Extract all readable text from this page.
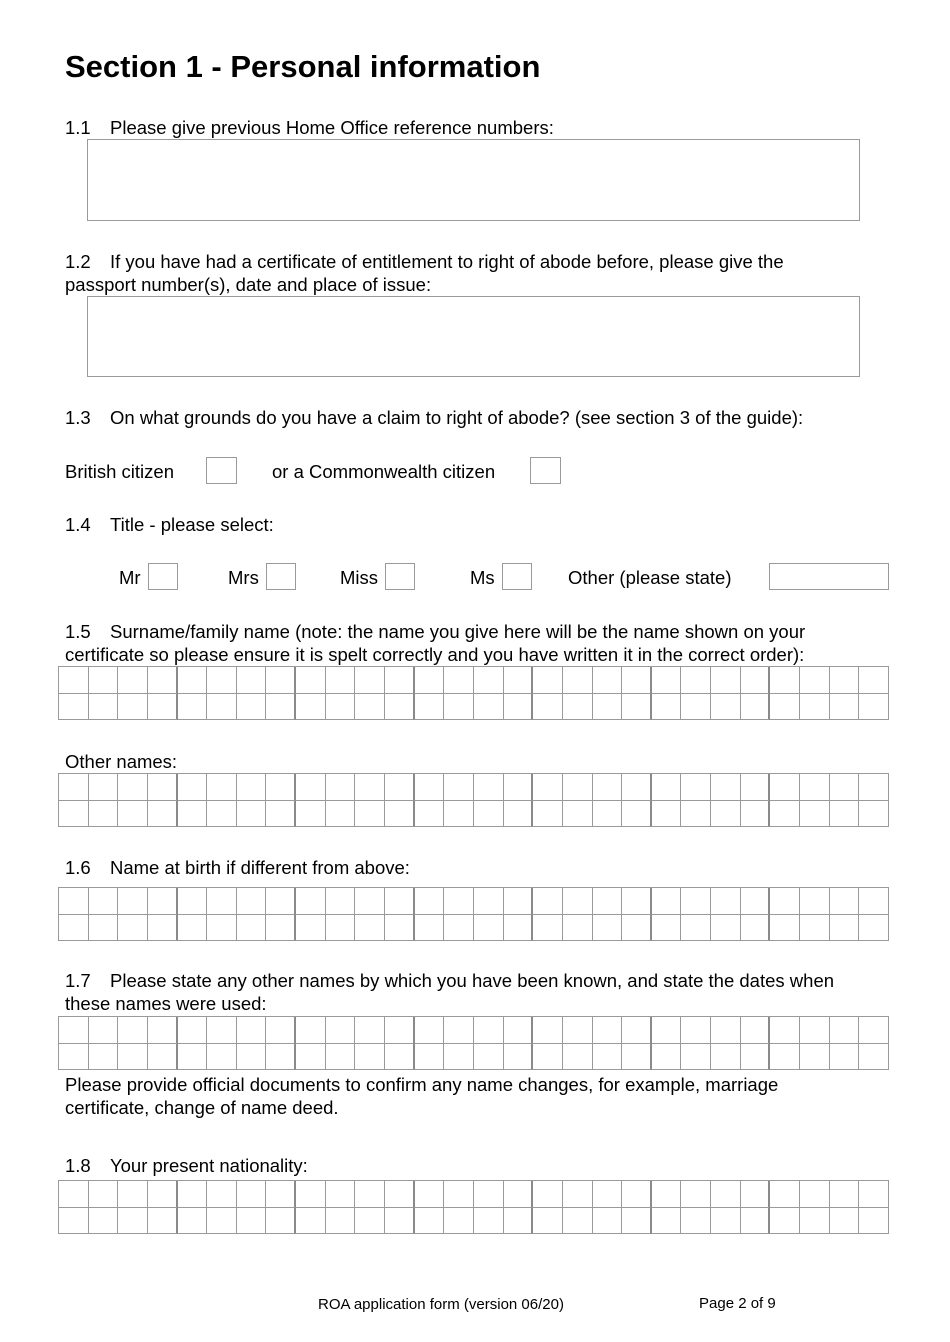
Section 1 - Personal information
1.1 Please give previous Home Office reference numbers:
1.2 If you have had a certificate of entitlement to right of abode before, please give the
passport number(s), date and place of issue:
1.3 On what grounds do you have a claim to right of abode? (see section 3 of the guide):
British citizen	or a Commonwealth citizen
1.4 Title - please select:
Mr	Mrs	Miss	Ms	Other (please state)
1.5 Surname/family name (note: the name you give here will be the name shown on your
certificate so please ensure it is spelt correctly and you have written it in the correct order):
Other names:
1.6 Name at birth if different from above:
1.7 Please state any other names by which you have been known, and state the dates when
these names were used:
Please provide official documents to confirm any name changes, for example, marriage
certificate, change of name deed.
1.8 Your present nationality:
ROA application form (version 06/20)	Page 2 of 9
